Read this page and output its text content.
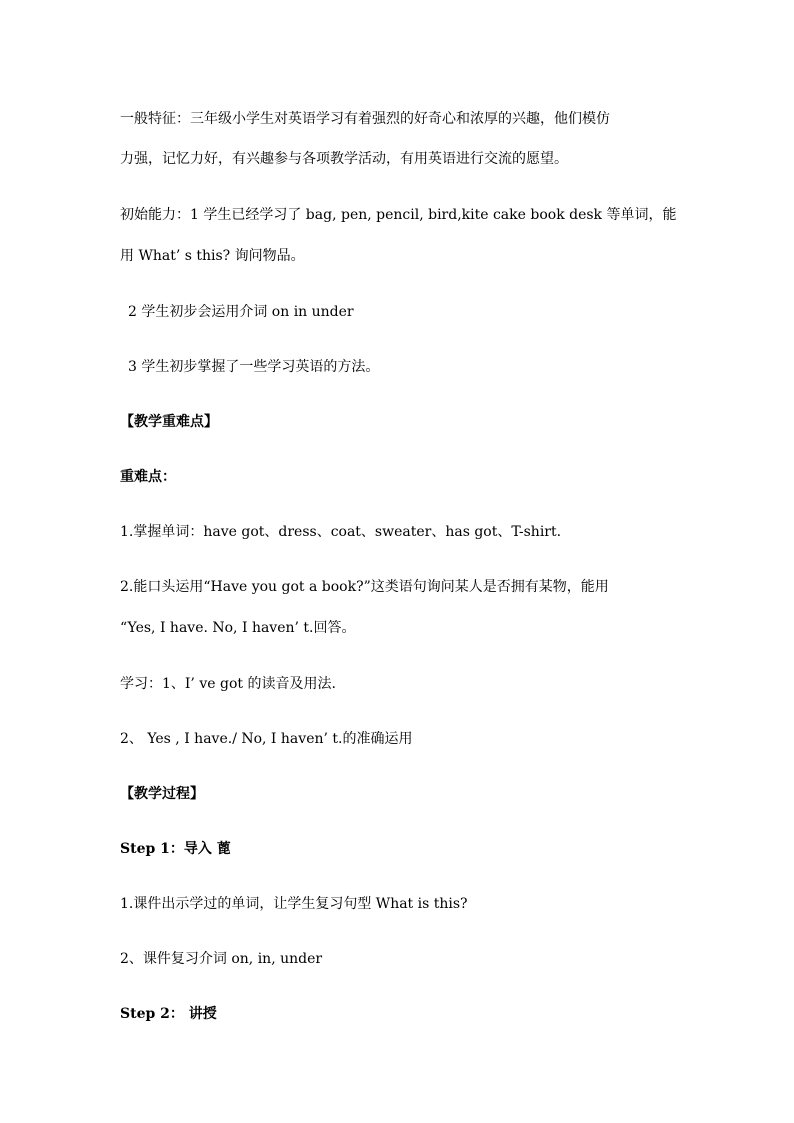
一般特征：三年级小学生对英语学习有着强烈的好奇心和浓厚的兴趣，他们模仿
力强，记忆力好，有兴趣参与各项教学活动，有用英语进行交流的愿望。
初始能力：1 学生已经学习了 bag, pen, pencil, bird,kite cake book desk 等单词，能
用 What’ s this? 询问物品。
2 学生初步会运用介词 on in under
3 学生初步掌握了一些学习英语的方法。
【教学重难点】
重难点：
1.掌握单词：have got、dress、coat、sweater、has got、T-shirt.
2.能口头运用“Have you got a book?”这类语句询问某人是否拥有某物，能用
“Yes, I have. No, I haven’ t.回答。
学习：1、I’ ve got 的读音及用法.
2、 Yes , I have./ No, I haven’ t.的准确运用
【教学过程】
Step 1：导入 蓖
1.课件出示学过的单词，让学生复习句型 What is this?
2、课件复习介词 on, in, under
Step 2： 讲授
